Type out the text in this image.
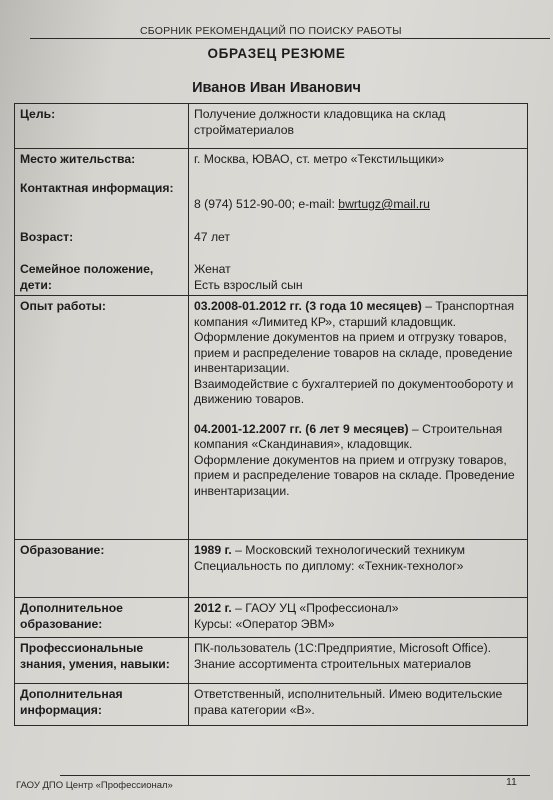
СБОРНИК РЕКОМЕНДАЦИЙ ПО ПОИСКУ РАБОТЫ
ОБРАЗЕЦ РЕЗЮМЕ
Иванов Иван Иванович
Цель:	Получение должности кладовщика на склад стройматериалов
Место жительства:	г. Москва, ЮВАО, ст. метро «Текстильщики»
Контактная информация:	8 (974) 512-90-00; e-mail: bwrtugz@mail.ru
Возраст:	47 лет
Семейное положение, дети:	Женат
Есть взрослый сын

Опыт работы:	03.2008-01.2012 гг. (3 года 10 месяцев) – Транспортная компания «Лимитед КР», старший кладовщик.
Оформление документов на прием и отгрузку товаров, прием и распределение товаров на складе, проведение инвентаризации.
Взаимодействие с бухгалтерией по документообороту и движению товаров.
04.2001-12.2007 гг. (6 лет 9 месяцев) – Строительная компания «Скандинавия», кладовщик.
Оформление документов на прием и отгрузку товаров, прием и распределение товаров на складе. Проведение инвентаризации.

Образование:	1989 г. – Московский технологический техникум
Специальность по диплому: «Техник-технолог»

Дополнительное образование:	2012 г. – ГАОУ УЦ «Профессионал»
Курсы: «Оператор ЭВМ»

Профессиональные знания, умения, навыки:	ПК-пользователь (1С:Предприятие, Microsoft Office). Знание ассортимента строительных материалов
Дополнительная информация:	Ответственный, исполнительный. Имею водительские права категории «В».
ГАОУ ДПО Центр «Профессионал»	11
